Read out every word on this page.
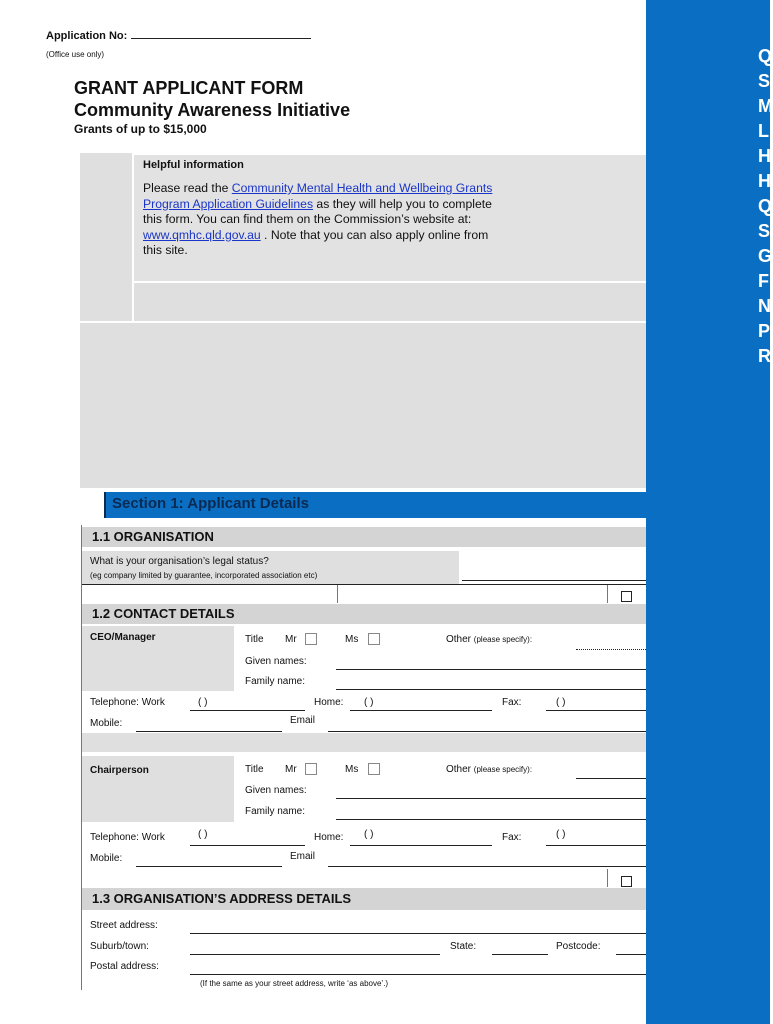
Application No:
(Office use only)
GRANT APPLICANT FORM
Community Awareness Initiative
Grants of up to $15,000
Helpful information
Please read the Community Mental Health and Wellbeing Grants Program Application Guidelines as they will help you to complete this form. You can find them on the Commission’s website at: www.qmhc.qld.gov.au . Note that you can also apply online from this site.
Section 1: Applicant Details
1.1 ORGANISATION
What is your organisation’s legal status?
(eg company limited by guarantee, incorporated association etc)
1.2 CONTACT DETAILS
CEO/Manager	Title Mr	Ms	Other (please specify):
Given names:
Family name:
Telephone: Work	( )	Home: ( )	Fax:	( )
Mobile:	Email
Chairperson	Title Mr	Ms	Other (please specify):
Given names:
Family name:
Telephone: Work	( )	Home: ( )	Fax:	( )
Mobile:	Email
1.3 ORGANISATION’S ADDRESS DETAILS
Street address:
Suburb/town:	State:	Postcode:
Postal address:
(If the same as your street address, write ‘as above’.)
Q
S
M
L
H
H
Q
S
G
F
N
P
R
